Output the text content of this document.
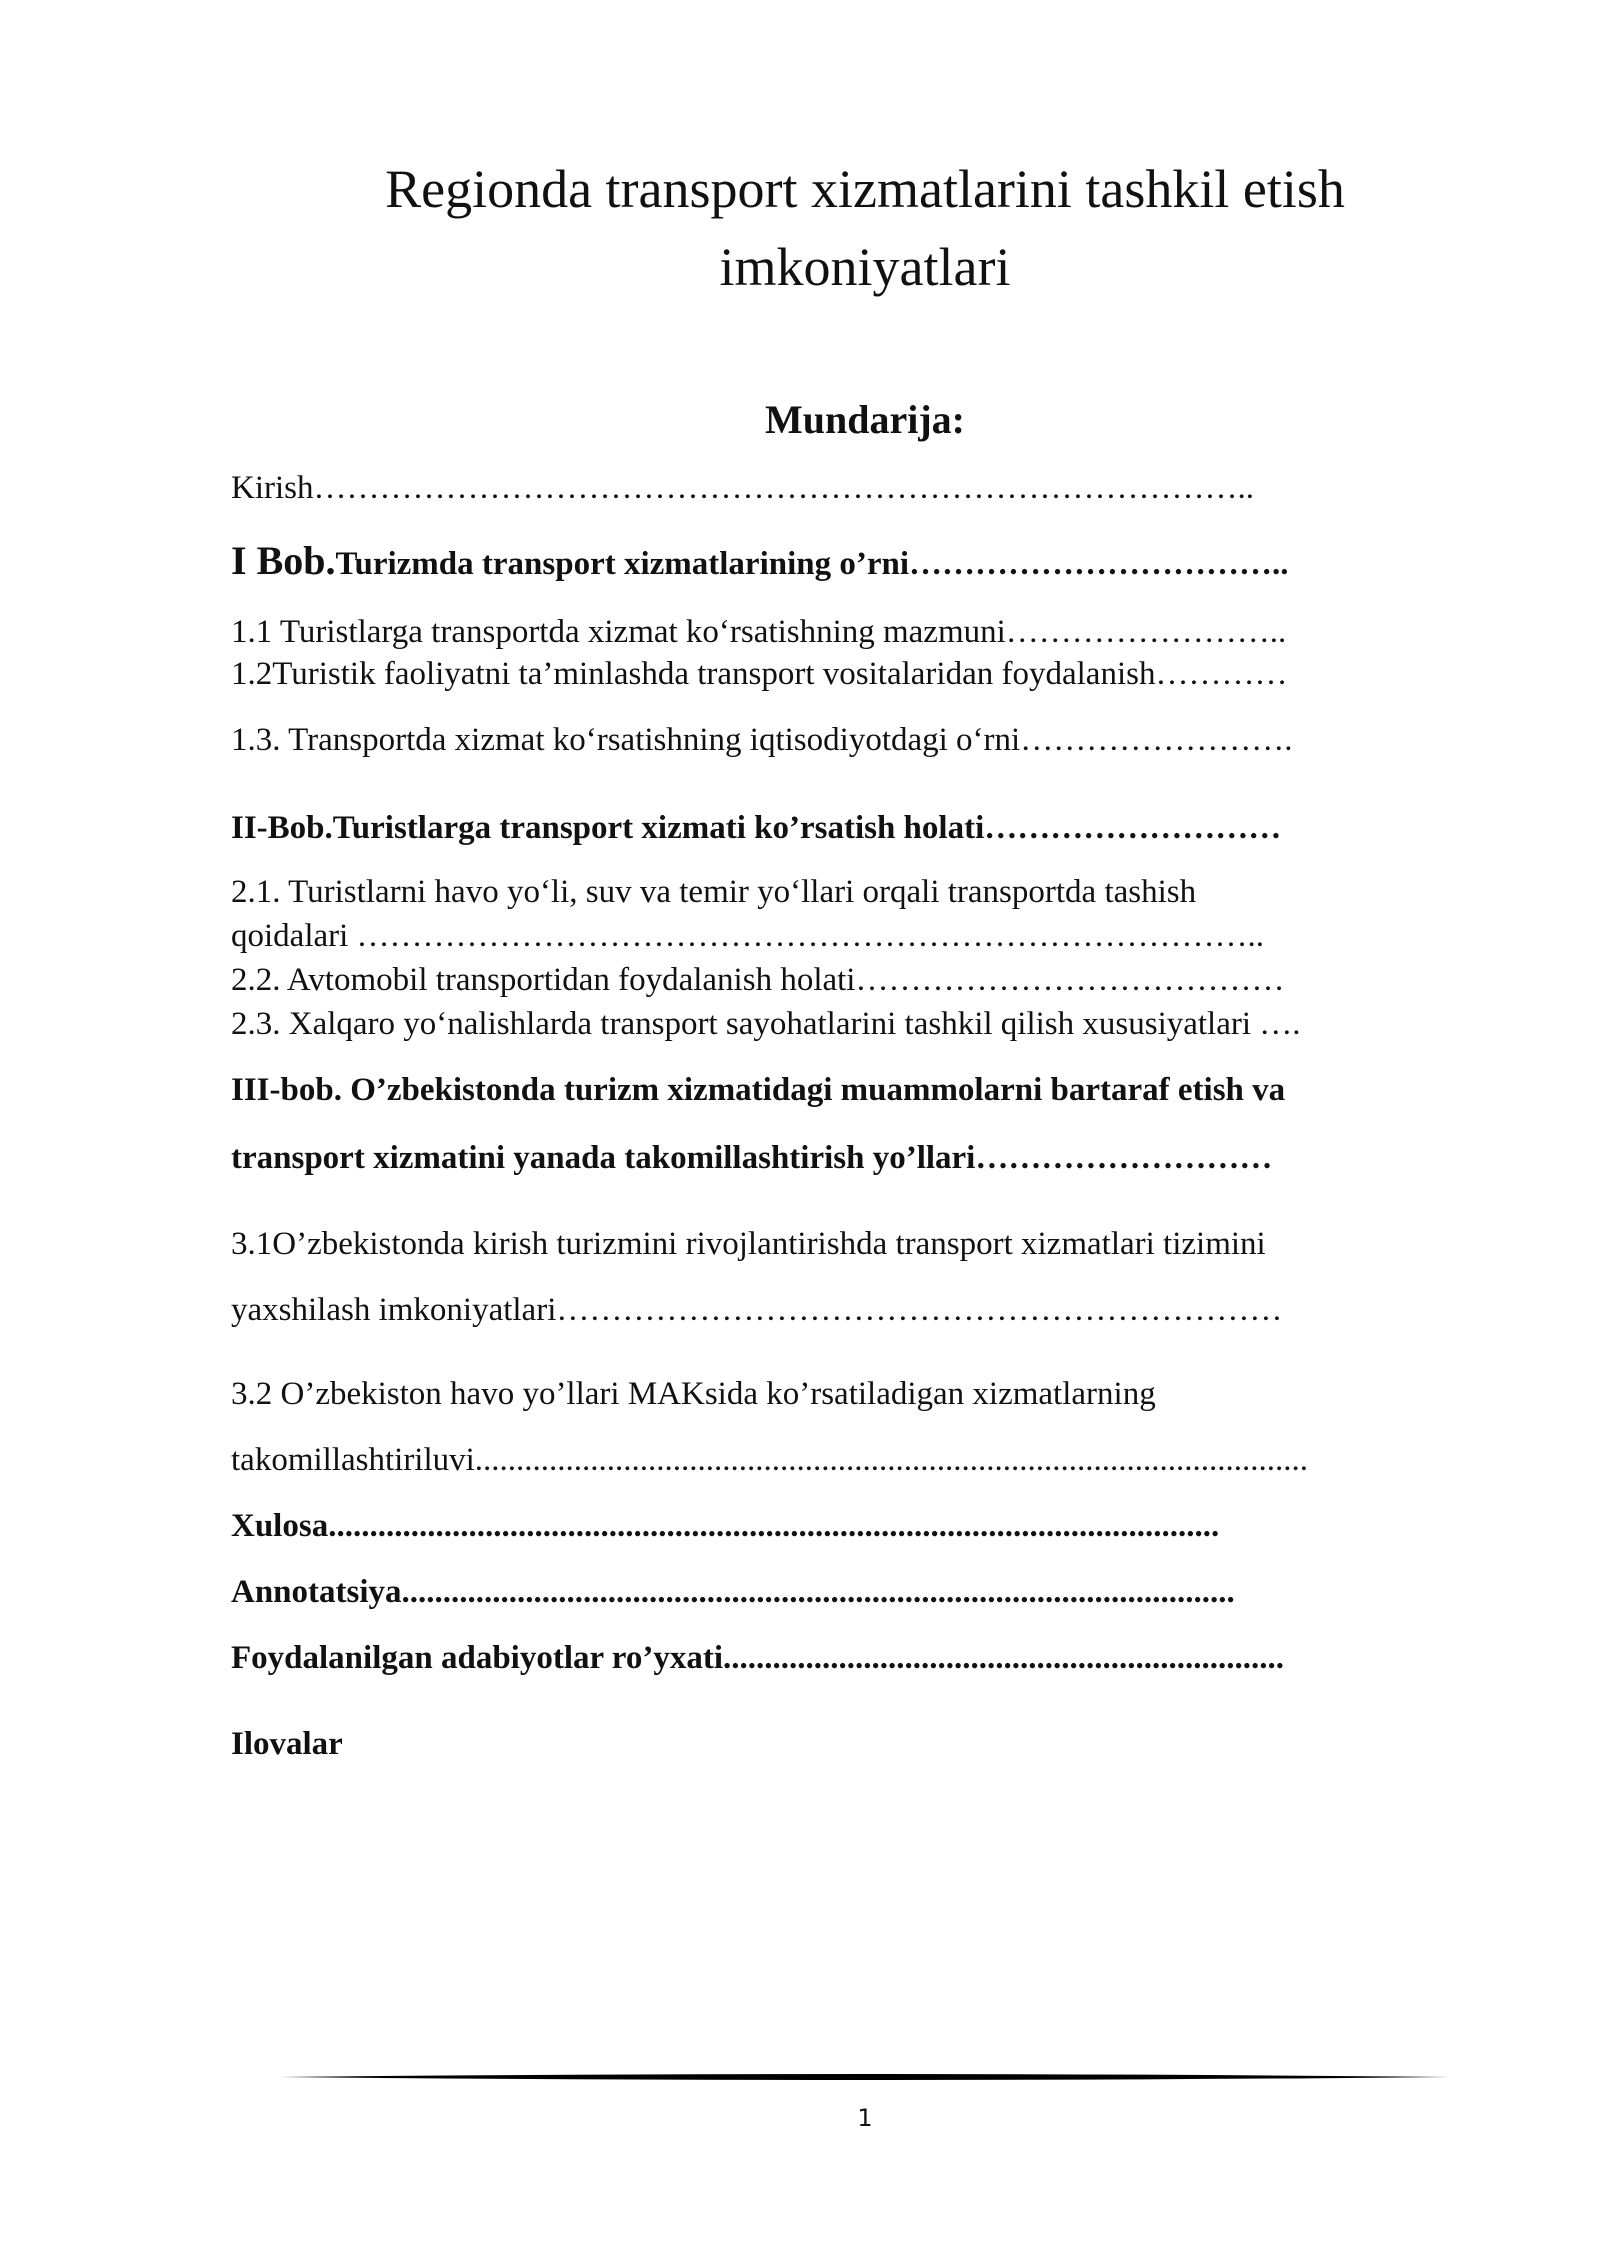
Regionda transport xizmatlarini tashkil etish
imkoniyatlari
Mundarija:

Kirish…………………………………………………………………………..

I Bob.Turizmda transport xizmatlarining o’rni……………………………..

1.1 Turistlarga transportda xizmat ko‘rsatishning mazmuni……………………..

1.2Turistik faoliyatni ta’minlashda transport vositalaridan foydalanish…………

1.3. Transportda xizmat ko‘rsatishning iqtisodiyotdagi o‘rni…………………….

II-Bob.Turistlarga transport xizmati ko’rsatish holati………………………

2.1. Turistlarni havo yo‘li, suv va temir yo‘llari orqali transportda tashish

qoidalari ………………………………………………………………………..

2.2. Avtomobil transportidan foydalanish holati…………………………………

2.3. Xalqaro yo‘nalishlarda transport sayohatlarini tashkil qilish xususiyatlari ….

III-bob. O’zbekistonda turizm xizmatidagi muammolarni bartaraf etish va

transport xizmatini yanada takomillashtirish yo’llari………………………

3.1O’zbekistonda kirish turizmini rivojlantirishda transport xizmatlari tizimini

yaxshilash imkoniyatlari…………………………………………………………

3.2 O’zbekiston havo yo’llari MAKsida ko’rsatiladigan xizmatlarning

takomillashtiriluvi.....................................................................................................

Xulosa............................................................................................................

Annotatsiya.....................................................................................................

Foydalanilgan adabiyotlar ro’yxati....................................................................

Ilovalar

1
